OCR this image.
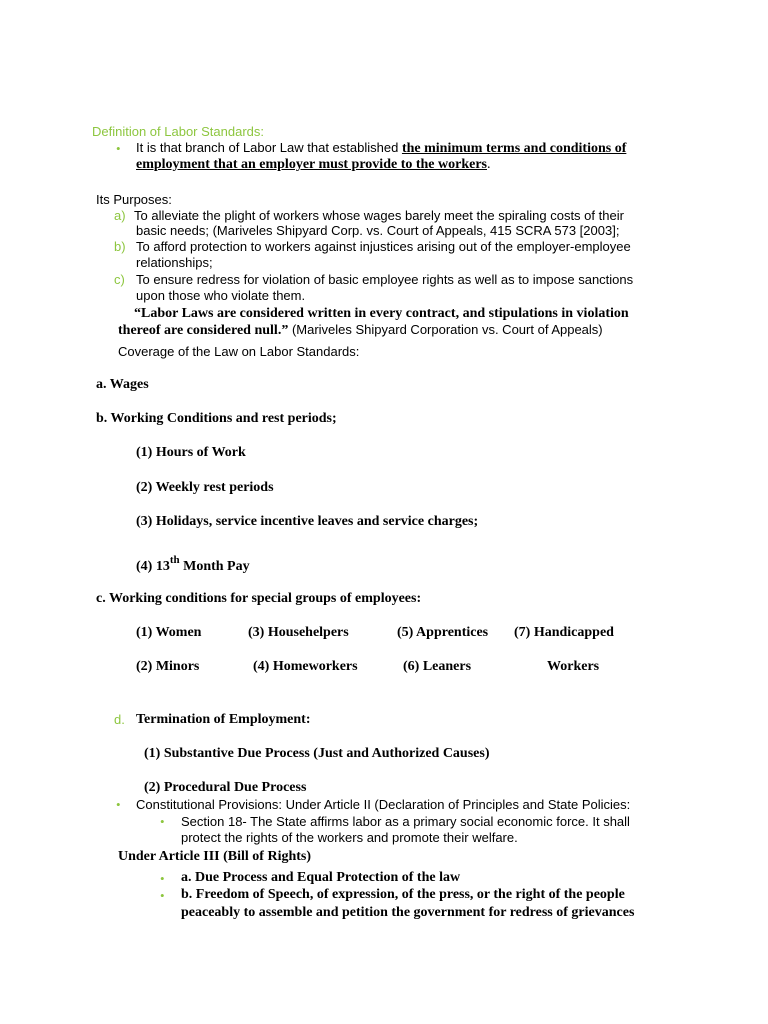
Definition of Labor Standards:
• It is that branch of Labor Law that established the minimum terms and conditions of
employment that an employer must provide to the workers.
Its Purposes:
a) To alleviate the plight of workers whose wages barely meet the spiraling costs of their
basic needs; (Mariveles Shipyard Corp. vs. Court of Appeals, 415 SCRA 573 [2003];
b) To afford protection to workers against injustices arising out of the employer-employee
relationships;
c) To ensure redress for violation of basic employee rights as well as to impose sanctions
upon those who violate them.
“Labor Laws are considered written in every contract, and stipulations in violation
thereof are considered null.” (Mariveles Shipyard Corporation vs. Court of Appeals)
Coverage of the Law on Labor Standards:
a. Wages
b. Working Conditions and rest periods;
(1) Hours of Work
(2) Weekly rest periods
(3) Holidays, service incentive leaves and service charges;
(4) 13th Month Pay
c. Working conditions for special groups of employees:
(1) Women	(3) Househelpers	(5) Apprentices (7) Handicapped
(2) Minors	(4) Homeworkers	(6) Leaners	Workers
d. Termination of Employment:
(1) Substantive Due Process (Just and Authorized Causes)
(2) Procedural Due Process
• Constitutional Provisions: Under Article II (Declaration of Principles and State Policies:
• Section 18- The State affirms labor as a primary social economic force. It shall
protect the rights of the workers and promote their welfare.
Under Article III (Bill of Rights)
• a. Due Process and Equal Protection of the law
• b. Freedom of Speech, of expression, of the press, or the right of the people
peaceably to assemble and petition the government for redress of grievances
